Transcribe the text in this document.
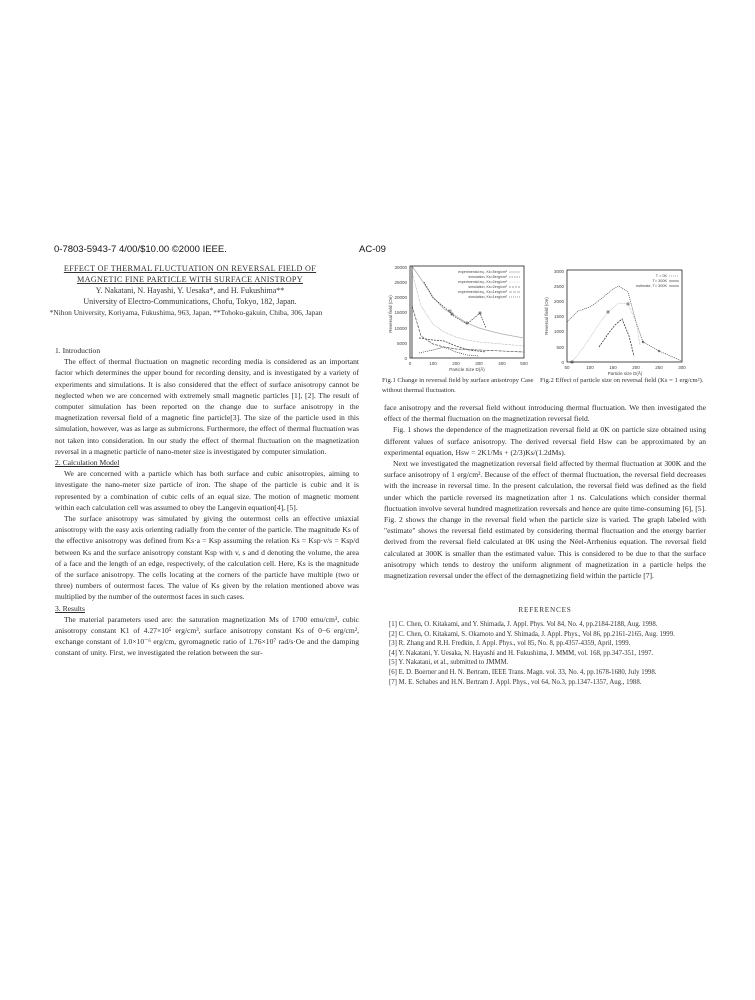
0-7803-5943-7 4/00/$10.00 ©2000 IEEE.	AC-09
EFFECT OF THERMAL FLUCTUATION ON REVERSAL FIELD OF
MAGNETIC FINE PARTICLE WITH SURFACE ANISTROPY
Y. Nakatani, N. Hayashi, Y. Uesaka*, and H. Fukushima**
University of Electro-Communications, Chofu, Tokyo, 182, Japan.
*Nihon University, Koriyama, Fukushima, 963, Japan, **Tohoku-gakuin, Chiba, 306, Japan
1. Introduction

The effect of thermal fluctuation on magnetic recording media is considered as an important factor which determines the upper bound for recording density, and is investigated by a variety of experiments and simulations. It is also considered that the effect of surface anisotropy cannot be neglected when we are concerned with extremely small magnetic particles [1], [2]. The result of computer simulation has been reported on the change due to surface anisotropy in the magnetization reversal field of a magnetic fine particle[3]. The size of the particle used in this simulation, however, was as large as submicrons. Furthermore, the effect of thermal fluctuation was not taken into consideration. In our study the effect of thermal fluctuation on the magnetization reversal in a magnetic particle of nano-meter size is investigated by computer simulation.

2. Calculation Model

We are concerned with a particle which has both surface and cubic anisotropies, aiming to investigate the nano-meter size particle of iron. The shape of the particle is cubic and it is represented by a combination of cubic cells of an equal size. The motion of magnetic moment within each calculation cell was assumed to obey the Langevin equation[4], [5].

The surface anisotropy was simulated by giving the outermost cells an effective uniaxial anisotropy with the easy axis orienting radially from the center of the particle. The magnitude Ks of the effective anisotropy was defined from Ks·a = Ksp assuming the relation Ks = Ksp·v/s = Ksp/d between Ks and the surface anisotropy constant Ksp with v, s and d denoting the volume, the area of a face and the length of an edge, respectively, of the calculation cell. Here, Ks is the magnitude of the surface anisotropy. The cells locating at the corners of the particle have multiple (two or three) numbers of outermost faces. The value of Ks given by the relation mentioned above was multiplied by the number of the outermost faces in such cases.

3. Results

The material parameters used are: the saturation magnetization Ms of 1700 emu/cm³, cubic anisotropy constant K1 of 4.27×10⁵ erg/cm³, surface anisotropy constant Ks of 0−6 erg/cm², exchange constant of 1.0×10⁻⁶ erg/cm, gyromagnetic ratio of 1.76×10⁷ rad/s·Oe and the damping constant of unity. First, we investigated the relation between the sur-

0
5000
10000
15000
20000
25000
30000
0	100	200	300	400	500
Particle Size D(Å)
Reversal field (Oe)
experimental eq., Ks=5erg/cm²
simulation, Ks=5erg/cm²
experimental eq., Ks=2erg/cm²
simulation, Ks=2erg/cm²
experimental eq., Ks=1erg/cm²
simulation, Ks=1erg/cm²
Fig.1 Change in reversal field by surface anisotropy Case without thermal fluctuation.
0
500
1000
1500
2000
2500
3000
50	100	150	200	250	300
Particle size D(Å)
Reversal field (Oe)
T = 0K
T= 300K
estimate, T= 300K
Fig.2 Effect of particle size on reversal field (Ks = 1 erg/cm²).
face anisotropy and the reversal field without introducing thermal fluctuation. We then investigated the effect of the thermal fluctuation on the magnetization reversal field.

Fig. 1 shows the dependence of the magnetization reversal field at 0K on particle size obtained using different values of surface anisotropy. The derived reversal field Hsw can be approximated by an experimental equation, Hsw = 2K1/Ms + (2/3)Ks/(1.2dMs).

Next we investigated the magnetization reversal field affected by thermal fluctuation at 300K and the surface anisotropy of 1 erg/cm². Because of the effect of thermal fluctuation, the reversal field decreases with the increase in reversal time. In the present calculation, the reversal field was defined as the field under which the particle reversed its magnetization after 1 ns. Calculations which consider thermal fluctuation involve several hundred magnetization reversals and hence are quite time-consuming [6], [5]. Fig. 2 shows the change in the reversal field when the particle size is varied. The graph labeled with "estimate" shows the reversal field estimated by considering thermal fluctuation and the energy barrier derived from the reversal field calculated at 0K using the Néel-Arrhenius equation. The reversal field calculated at 300K is smaller than the estimated value. This is considered to be due to that the surface anisotropy which tends to destroy the uniform alignment of magnetization in a particle helps the magnetization reversal under the effect of the demagnetizing field within the particle [7].

REFERENCES
[1] C. Chen, O. Kitakami, and Y. Shimada, J. Appl. Phys. Vol 84, No. 4, pp.2184-2188, Aug. 1998.
[2] C. Chen, O. Kitakami, S. Okamoto and Y. Shimada, J. Appl. Phys., Vol 86, pp.2161-2165, Aug. 1999.
[3] R. Zhang and R.H. Fredkin, J. Appl. Phys., vol 85, No. 8, pp.4357-4359, April, 1999.
[4] Y. Nakatani, Y. Uesaka, N. Hayashi and H. Fukushima, J. MMM, vol. 168, pp.347-351, 1997.
[5] Y. Nakatani, et al., submitted to JMMM.
[6] E. D. Boerner and H. N. Bertram, IEEE Trans. Magn. vol. 33, No. 4, pp.1678-1680, July 1998.
[7] M. E. Schabes and H.N. Bertram J. Appl. Phys., vol 64, No.3, pp.1347-1357, Aug., 1988.
